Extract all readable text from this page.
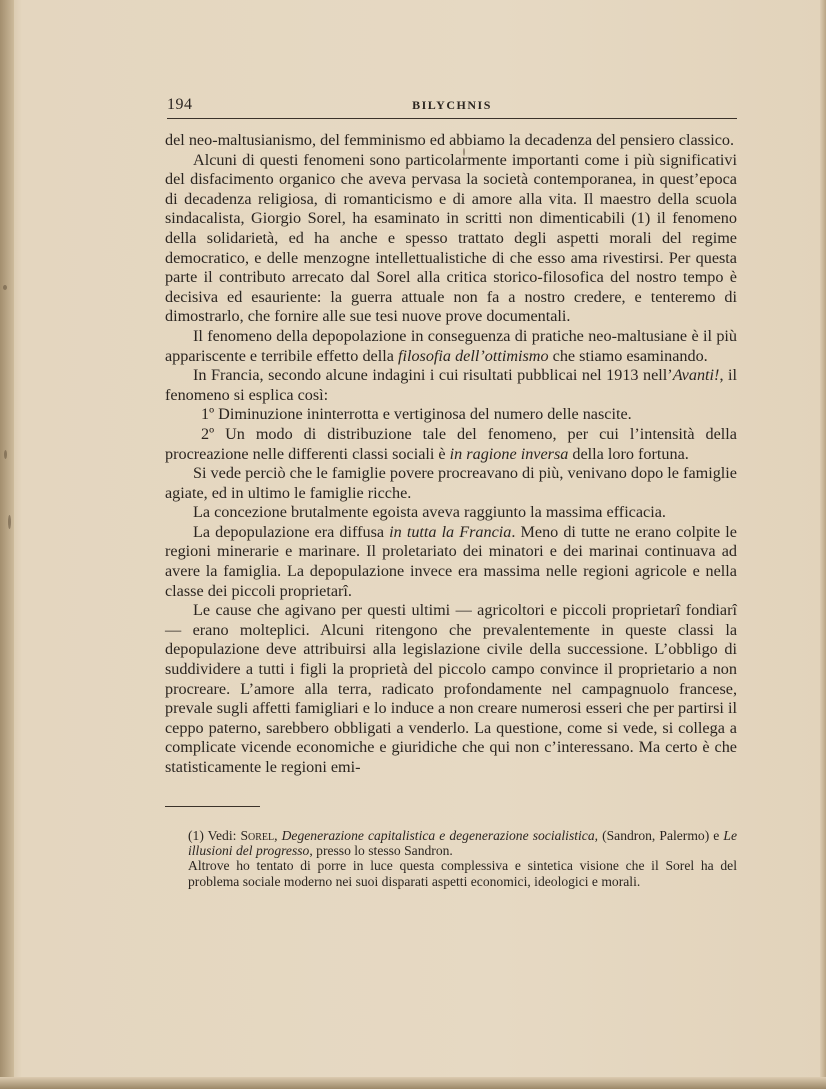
194	BILYCHNIS

del neo-maltusianismo, del femminismo ed abbiamo la decadenza del pensiero classico.

Alcuni di questi fenomeni sono particolarmente importanti come i più significativi del disfacimento organico che aveva pervasa la società contemporanea, in quest’epoca di decadenza religiosa, di romanticismo e di amore alla vita. Il maestro della scuola sindacalista, Giorgio Sorel, ha esaminato in scritti non dimenticabili (1) il fenomeno della solidarietà, ed ha anche e spesso trattato degli aspetti morali del regime democratico, e delle menzogne intellettualistiche di che esso ama rivestirsi. Per questa parte il contributo arrecato dal Sorel alla critica storico-filosofica del nostro tempo è decisiva ed esauriente: la guerra attuale non fa a nostro credere, e tenteremo di dimostrarlo, che fornire alle sue tesi nuove prove documentali.

Il fenomeno della depopolazione in conseguenza di pratiche neo-maltusiane è il più appariscente e terribile effetto della filosofia dell’ottimismo che stiamo esaminando.

In Francia, secondo alcune indagini i cui risultati pubblicai nel 1913 nell’Avanti!, il fenomeno si esplica così:

1º Diminuzione ininterrotta e vertiginosa del numero delle nascite.

2º Un modo di distribuzione tale del fenomeno, per cui l’intensità della procreazione nelle differenti classi sociali è in ragione inversa della loro fortuna.

Si vede perciò che le famiglie povere procreavano di più, venivano dopo le famiglie agiate, ed in ultimo le famiglie ricche.

La concezione brutalmente egoista aveva raggiunto la massima efficacia.

La depopulazione era diffusa in tutta la Francia. Meno di tutte ne erano colpite le regioni minerarie e marinare. Il proletariato dei minatori e dei marinai continuava ad avere la famiglia. La depopulazione invece era massima nelle regioni agricole e nella classe dei piccoli proprietarî.

Le cause che agivano per questi ultimi — agricoltori e piccoli proprietarî fondiarî — erano molteplici. Alcuni ritengono che prevalentemente in queste classi la depopulazione deve attribuirsi alla legislazione civile della successione. L’obbligo di suddividere a tutti i figli la proprietà del piccolo campo convince il proprietario a non procreare. L’amore alla terra, radicato profondamente nel campagnuolo francese, prevale sugli affetti famigliari e lo induce a non creare numerosi esseri che per partirsi il ceppo paterno, sarebbero obbligati a venderlo. La questione, come si vede, si collega a complicate vicende economiche e giuridiche che qui non c’interessano. Ma certo è che statisticamente le regioni emi-

(1) Vedi: Sorel, Degenerazione capitalistica e degenerazione socialistica, (Sandron, Palermo) e Le illusioni del progresso, presso lo stesso Sandron.

Altrove ho tentato di porre in luce questa complessiva e sintetica visione che il Sorel ha del problema sociale moderno nei suoi disparati aspetti economici, ideologici e morali.
